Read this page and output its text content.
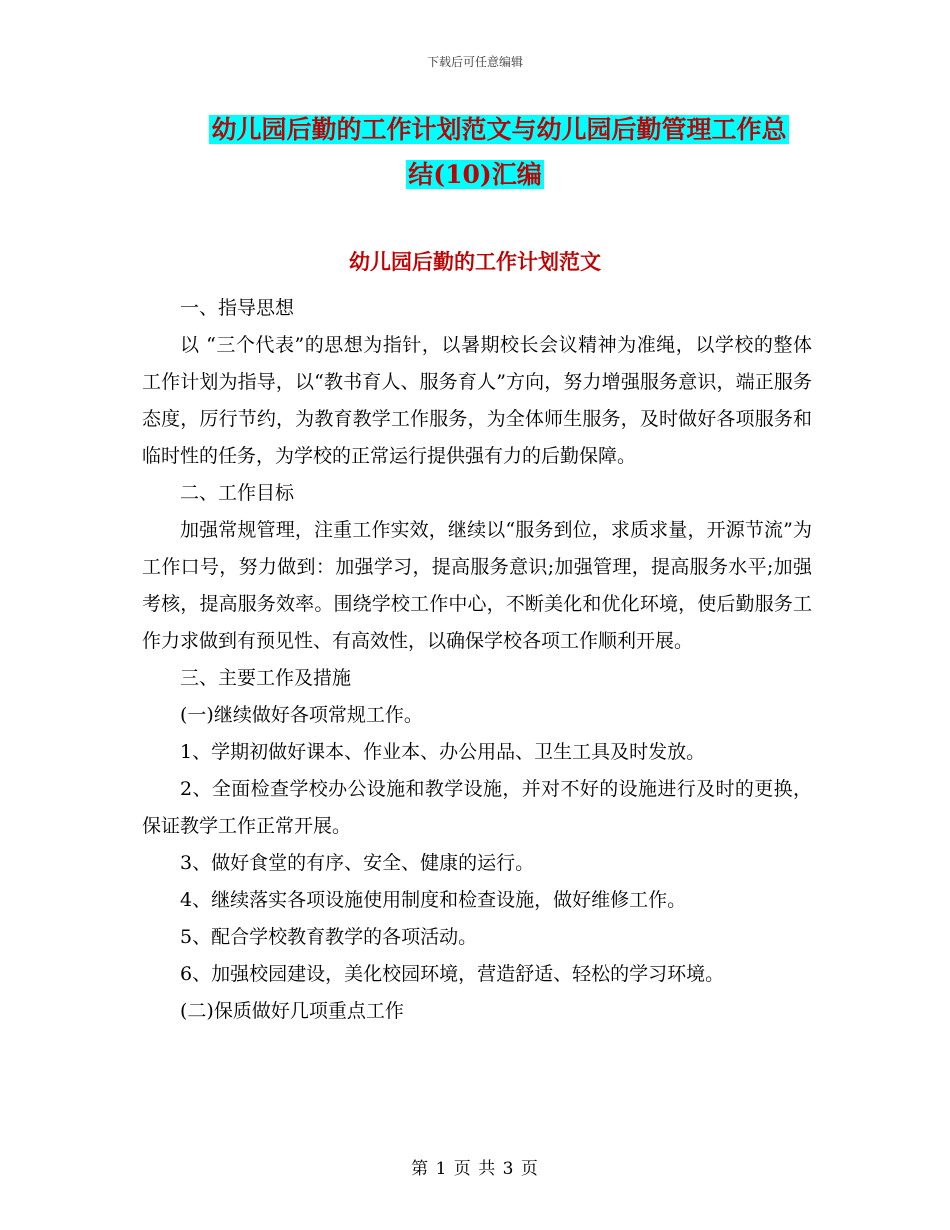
下载后可任意编辑
幼儿园后勤的工作计划范文与幼儿园后勤管理工作总
结(10)汇编
幼儿园后勤的工作计划范文

一、指导思想

以 “三个代表”的思想为指针，以暑期校长会议精神为准绳，以学校的整体工作计划为指导，以“教书育人、服务育人”方向，努力增强服务意识，端正服务态度，厉行节约，为教育教学工作服务，为全体师生服务，及时做好各项服务和临时性的任务，为学校的正常运行提供强有力的后勤保障。

二、工作目标

加强常规管理，注重工作实效，继续以“服务到位，求质求量，开源节流”为工作口号，努力做到：加强学习，提高服务意识;加强管理，提高服务水平;加强考核，提高服务效率。围绕学校工作中心，不断美化和优化环境，使后勤服务工作力求做到有预见性、有高效性，以确保学校各项工作顺利开展。

三、主要工作及措施

(一)继续做好各项常规工作。

1、学期初做好课本、作业本、办公用品、卫生工具及时发放。

2、全面检查学校办公设施和教学设施，并对不好的设施进行及时的更换，保证教学工作正常开展。

3、做好食堂的有序、安全、健康的运行。

4、继续落实各项设施使用制度和检查设施，做好维修工作。

5、配合学校教育教学的各项活动。

6、加强校园建设，美化校园环境，营造舒适、轻松的学习环境。

(二)保质做好几项重点工作

第 1 页 共 3 页
